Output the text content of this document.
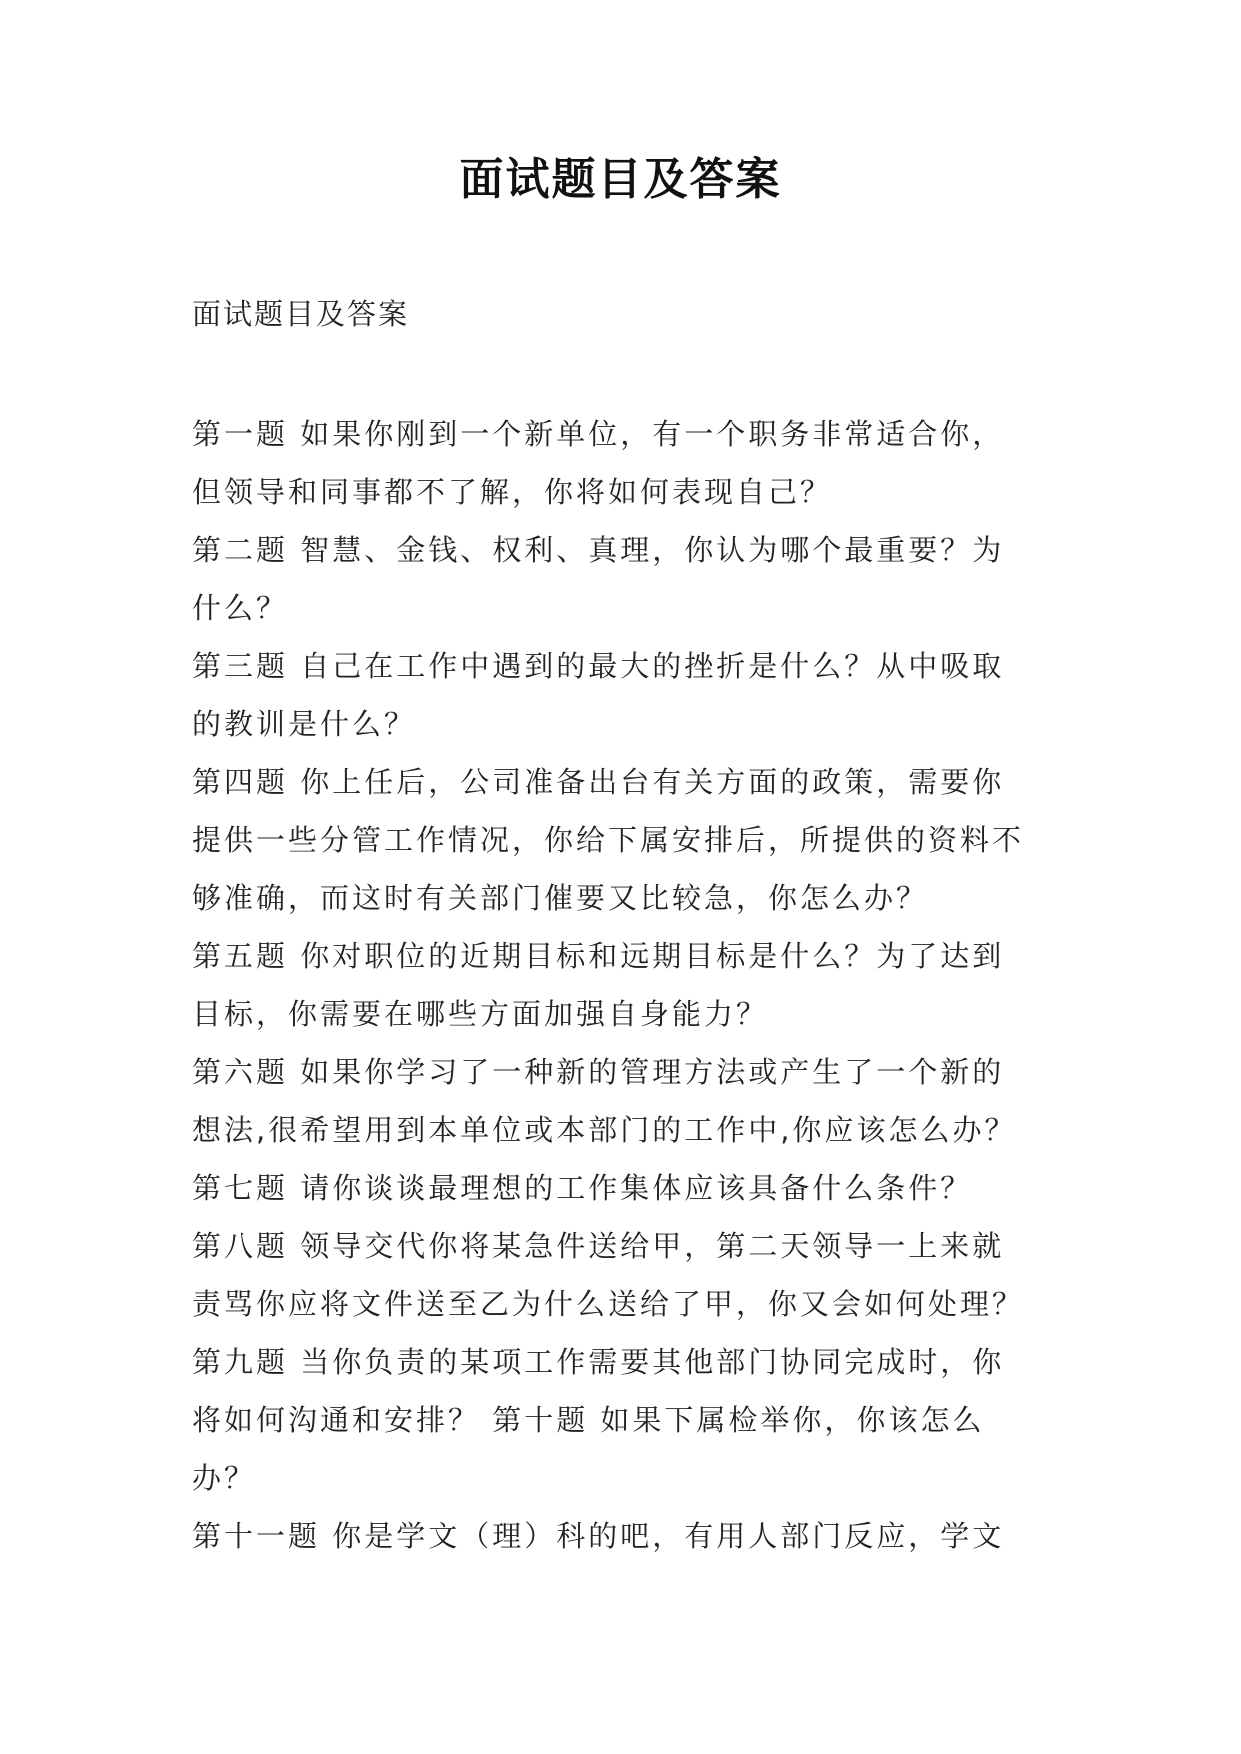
面试题目及答案
面试题目及答案
第一题 如果你刚到一个新单位，有一个职务非常适合你，
但领导和同事都不了解，你将如何表现自己？
第二题 智慧、金钱、权利、真理，你认为哪个最重要？为
什么？
第三题 自己在工作中遇到的最大的挫折是什么？从中吸取
的教训是什么？
第四题 你上任后，公司准备出台有关方面的政策，需要你
提供一些分管工作情况，你给下属安排后，所提供的资料不
够准确，而这时有关部门催要又比较急，你怎么办？
第五题 你对职位的近期目标和远期目标是什么？为了达到
目标，你需要在哪些方面加强自身能力？
第六题 如果你学习了一种新的管理方法或产生了一个新的
想法,很希望用到本单位或本部门的工作中,你应该怎么办？
第七题 请你谈谈最理想的工作集体应该具备什么条件？
第八题 领导交代你将某急件送给甲，第二天领导一上来就
责骂你应将文件送至乙为什么送给了甲，你又会如何处理？
第九题 当你负责的某项工作需要其他部门协同完成时，你
将如何沟通和安排？ 第十题 如果下属检举你，你该怎么
办？
第十一题 你是学文（理）科的吧，有用人部门反应，学文
